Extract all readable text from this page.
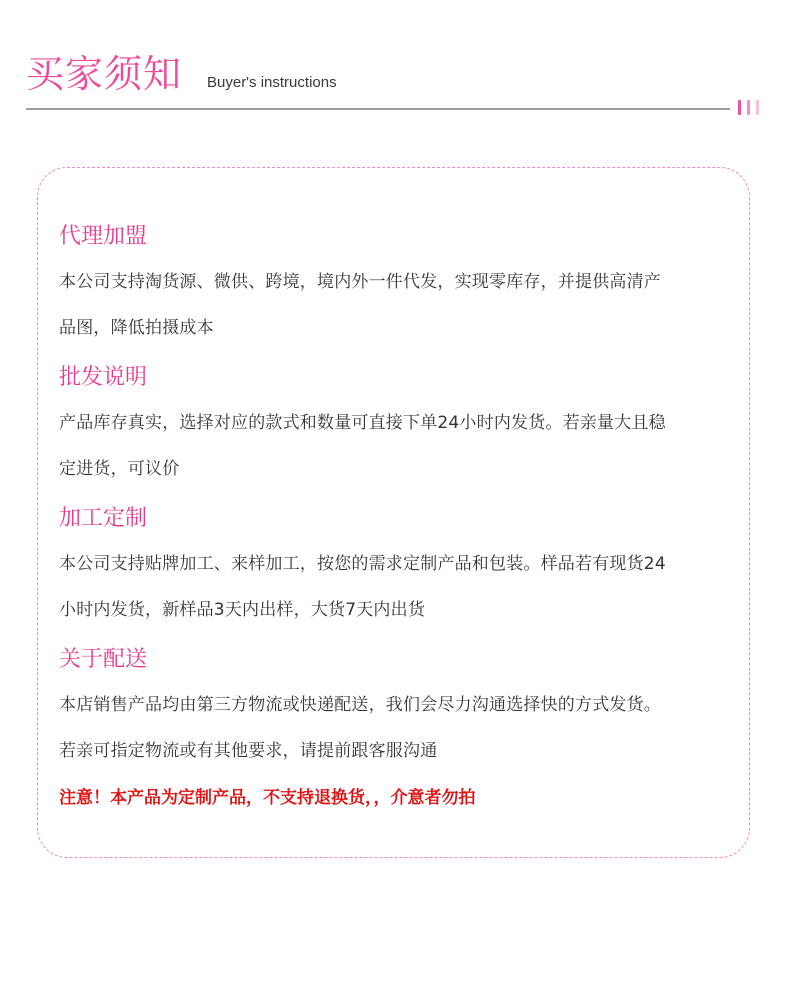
买家须知 Buyer's instructions
代理加盟
本公司支持淘货源、微供、跨境，境内外一件代发，实现零库存，并提供高清产
品图，降低拍摄成本
批发说明
产品库存真实，选择对应的款式和数量可直接下单24小时内发货。若亲量大且稳
定进货，可议价
加工定制
本公司支持贴牌加工、来样加工，按您的需求定制产品和包装。样品若有现货24
小时内发货，新样品3天内出样，大货7天内出货
关于配送
本店销售产品均由第三方物流或快递配送，我们会尽力沟通选择快的方式发货。
若亲可指定物流或有其他要求，请提前跟客服沟通
注意！本产品为定制产品，不支持退换货，，介意者勿拍
